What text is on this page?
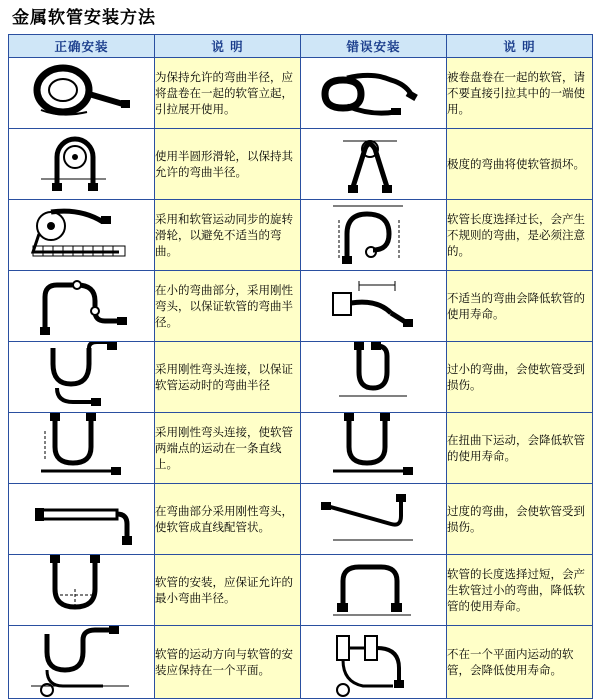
金属软管安装方法
正确安装	说 明	错误安装	说 明

	为保持允许的弯曲半径，应将盘卷在一起的软管立起，引拉展开使用。		被卷盘卷在一起的软管，请不要直接引拉其中的一端使用。

	使用半圆形滑轮，以保持其允许的弯曲半径。		极度的弯曲将使软管损坏。

	采用和软管运动同步的旋转滑轮，以避免不适当的弯曲。		软管长度选择过长，会产生不规则的弯曲，是必须注意的。

	在小的弯曲部分，采用刚性弯头，以保证软管的弯曲半径。		不适当的弯曲会降低软管的使用寿命。

	采用刚性弯头连接，以保证软管运动时的弯曲半径		过小的弯曲，会使软管受到损伤。

	采用刚性弯头连接，使软管两端点的运动在一条直线上。		在扭曲下运动，会降低软管的使用寿命。

	在弯曲部分采用刚性弯头，使软管成直线配管状。		过度的弯曲，会使软管受到损伤。

	软管的安装，应保证允许的最小弯曲半径。		软管的长度选择过短，会产生软管过小的弯曲，降低软管的使用寿命。

	软管的运动方向与软管的安装应保持在一个平面。		不在一个平面内运动的软管，会降低使用寿命。
